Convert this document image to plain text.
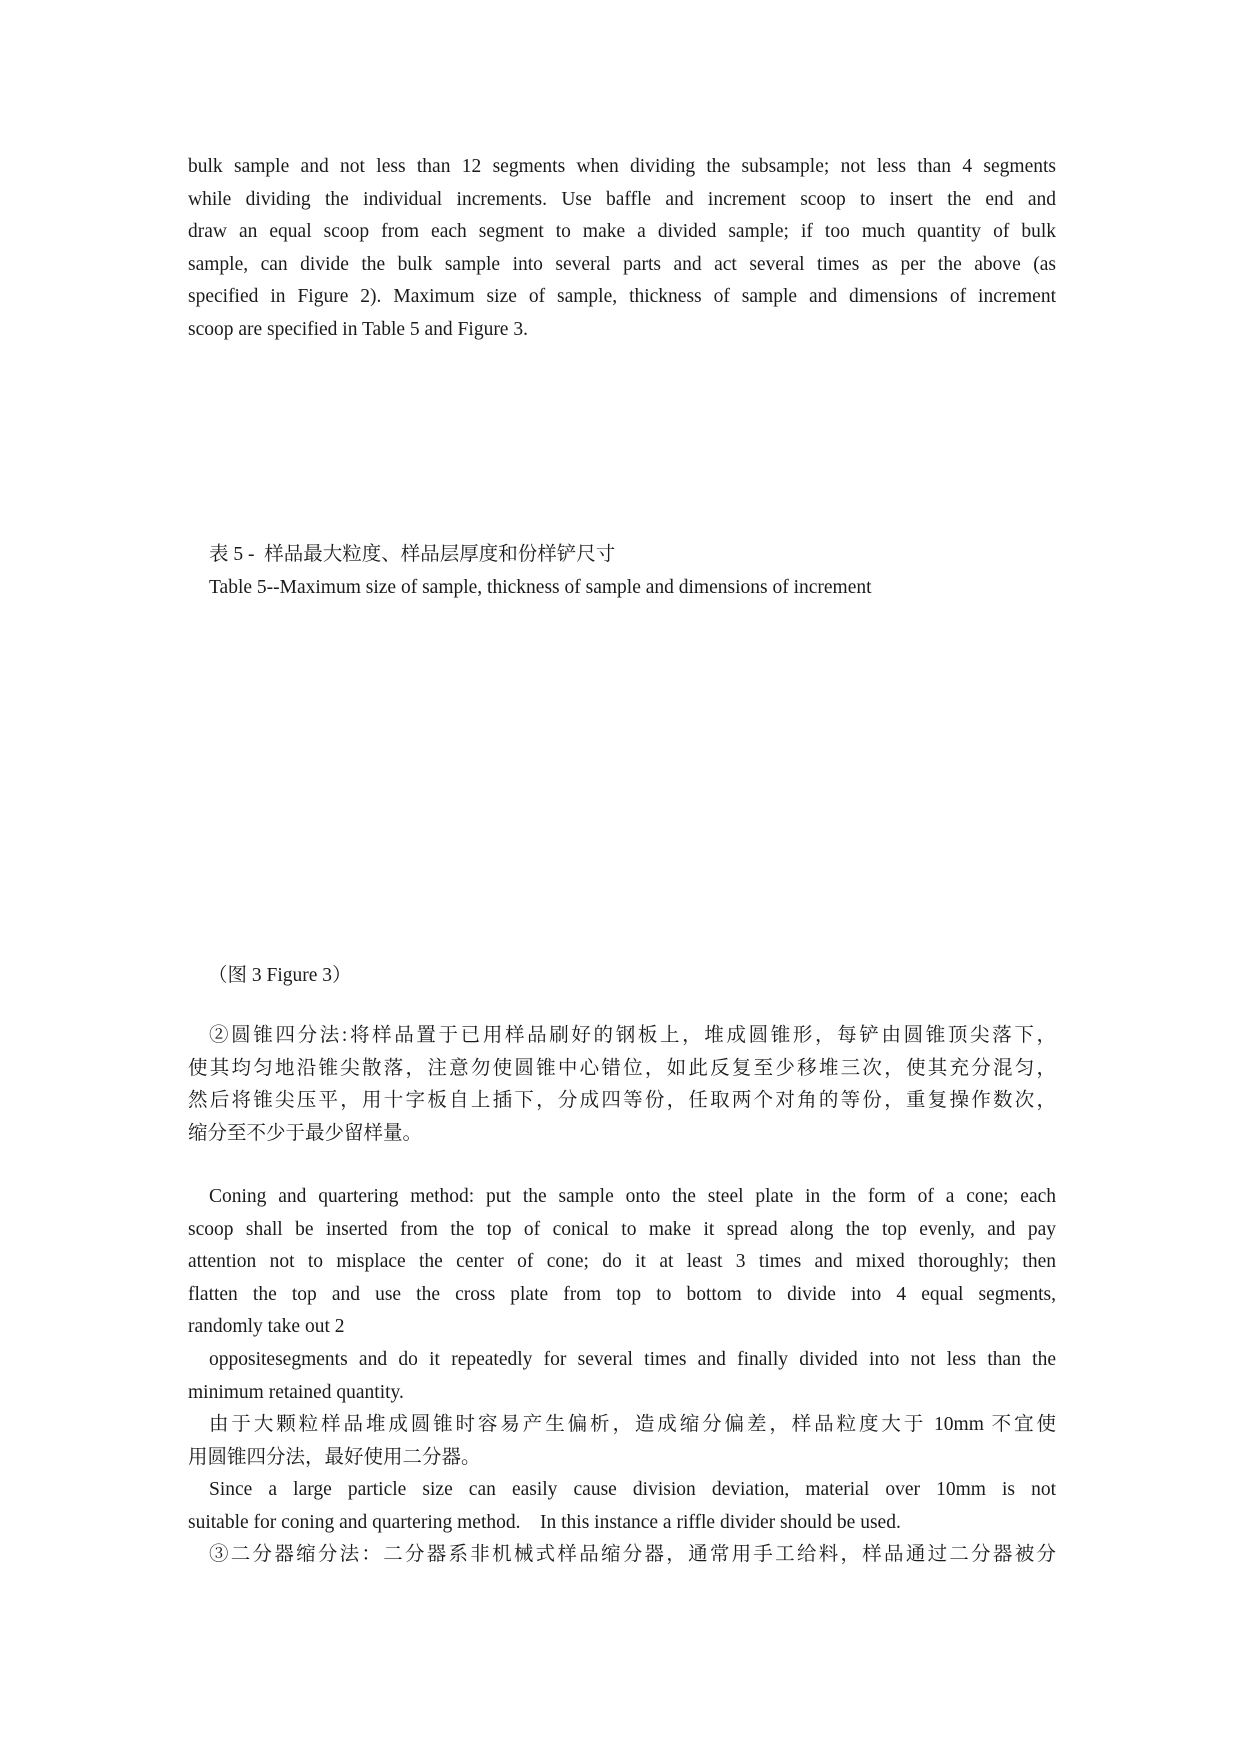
bulk sample and not less than 12 segments when dividing the subsample; not less than 4 segments
while dividing the individual increments. Use baffle and increment scoop to insert the end and
draw an equal scoop from each segment to make a divided sample; if too much quantity of bulk
sample, can divide the bulk sample into several parts and act several times as per the above (as
specified in Figure 2). Maximum size of sample, thickness of sample and dimensions of increment
scoop are specified in Table 5 and Figure 3.
表 5 -  样品最大粒度、样品层厚度和份样铲尺寸
Table 5--Maximum size of sample, thickness of sample and dimensions of increment
（图 3 Figure 3）
②圆锥四分法:将样品置于已用样品刷好的钢板上，堆成圆锥形，每铲由圆锥顶尖落下，
使其均匀地沿锥尖散落，注意勿使圆锥中心错位，如此反复至少移堆三次，使其充分混匀，
然后将锥尖压平，用十字板自上插下，分成四等份，任取两个对角的等份，重复操作数次，
缩分至不少于最少留样量。
Coning and quartering method: put the sample onto the steel plate in the form of a cone; each
scoop shall be inserted from the top of conical to make it spread along the top evenly, and pay
attention not to misplace the center of cone; do it at least 3 times and mixed thoroughly; then
flatten the top and use the cross plate from top to bottom to divide into 4 equal segments,
randomly take out 2
oppositesegments and do it repeatedly for several times and finally divided into not less than the
minimum retained quantity.
由于大颗粒样品堆成圆锥时容易产生偏析，造成缩分偏差，样品粒度大于 10mm 不宜使
用圆锥四分法，最好使用二分器。
Since a large particle size can easily cause division deviation, material over 10mm is not
suitable for coning and quartering method.    In this instance a riffle divider should be used.
③二分器缩分法：二分器系非机械式样品缩分器，通常用手工给料，样品通过二分器被分
